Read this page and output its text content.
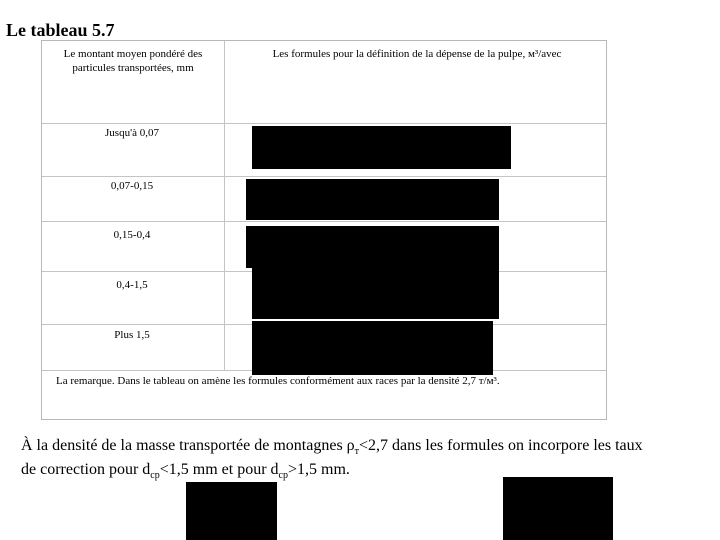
Le tableau 5.7
Le montant moyen pondéré des particules transportées, mm
Les formules pour la définition de la dépense de la pulpe, м³/avec
Jusqu'à 0,07
0,07-0,15
0,15-0,4
0,4-1,5
Plus 1,5
La remarque. Dans le tableau on amène les formules conformément aux races par la densité 2,7 т/м³.
À la densité de la masse transportée de montagnes $\rho_т<2,7$ dans les formules on incorpore les taux
de correction pour $d_{ср}<1,5$ mm et pour $d_{ср}>1,5$ mm.
